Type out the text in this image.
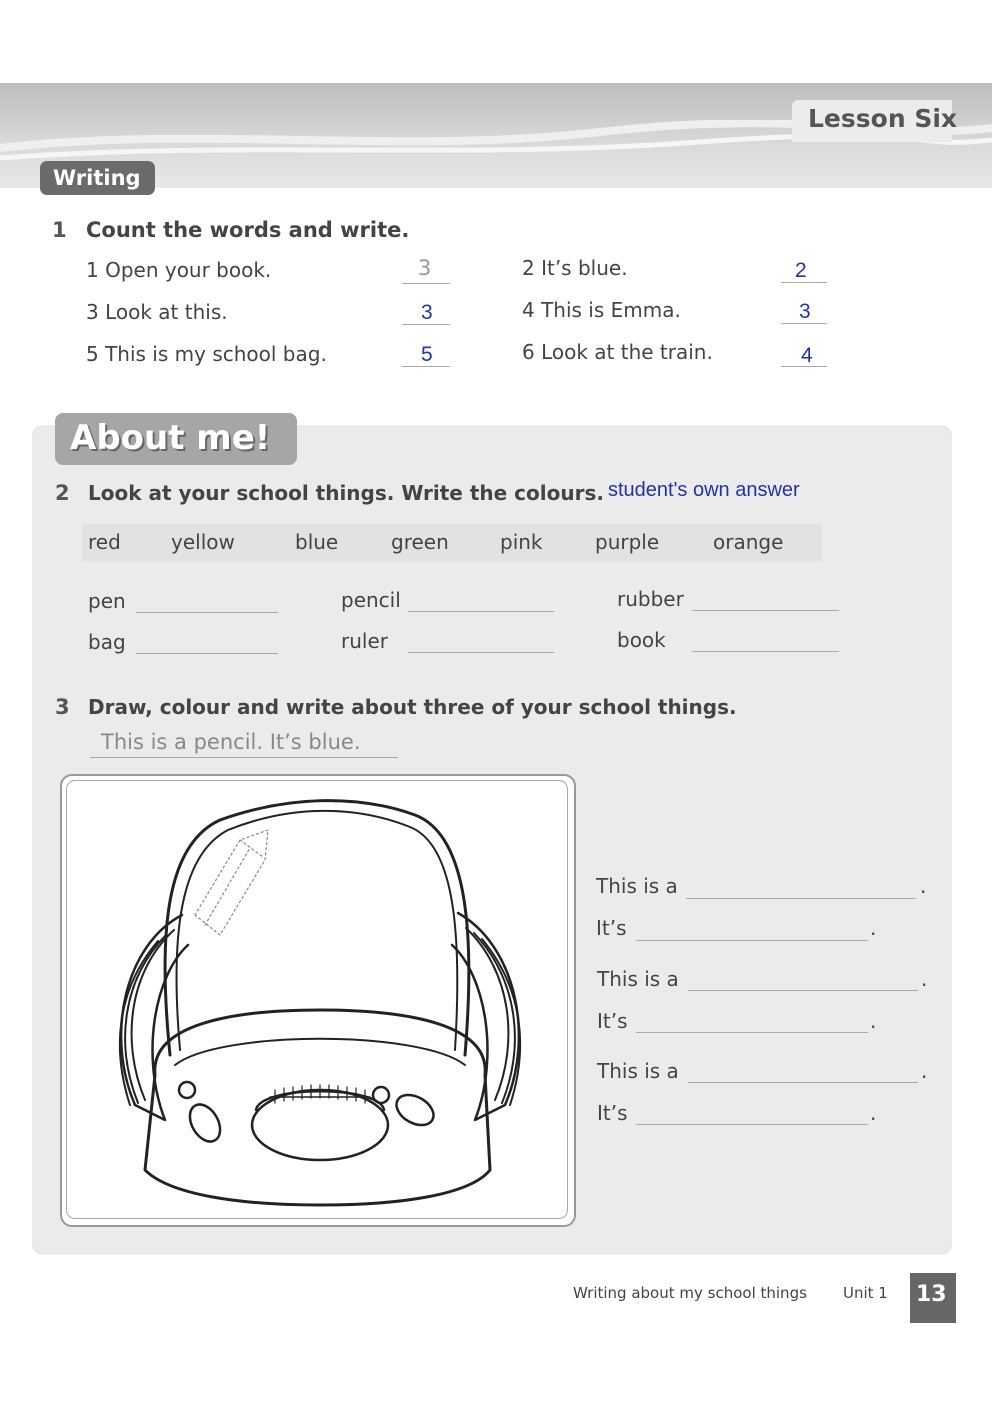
Lesson Six
Writing
1 Count the words and write.
1 Open your book.	3	2 It’s blue.	2
3 Look at this.	3	4 This is Emma.	3
5 This is my school bag.	5	6 Look at the train.	4
About me!
2 Look at your school things. Write the colours. student's own answer
red	yellow	blue	green	pink	purple	orange
pen	pencil	rubber
bag	ruler	book
3 Draw, colour and write about three of your school things.
This is a pencil. It’s blue.
This is a	.
It’s	.
This is a	.
It’s	.
This is a	.
It’s	.
Writing about my school things Unit 1 13
